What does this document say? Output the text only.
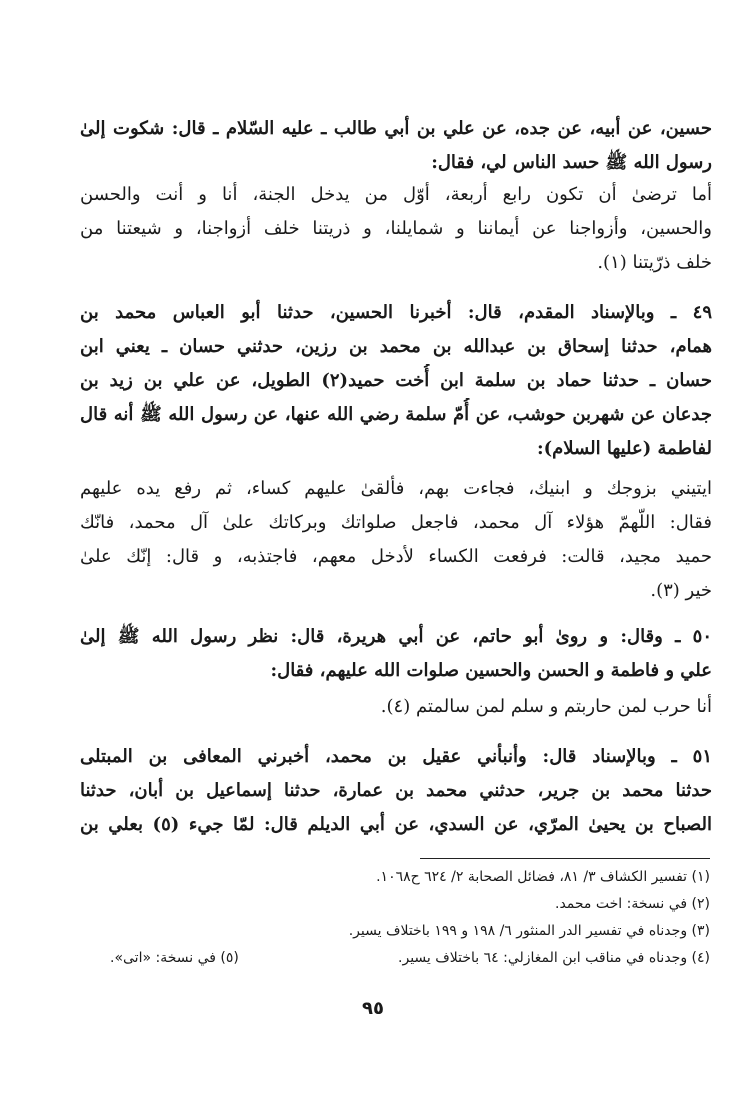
حسين، عن أبيه، عن جده، عن علي بن أبي طالب ـ عليه السّلام ـ قال: شكوت إلىٰ
رسول الله ﷺ حسد الناس لي، فقال:
أما ترضىٰ أن تكون رابع أربعة، أوّل من يدخل الجنة، أنا و أنت والحسن
والحسين، وأزواجنا عن أيماننا و شمايلنا، و ذريتنا خلف أزواجنا، و شيعتنا من
خلف ذرّيتنا (١).
٤٩ ـ وبالإسناد المقدم، قال: أخبرنا الحسين، حدثنا أبو العباس محمد بن
همام، حدثنا إسحاق بن عبدالله بن محمد بن رزين، حدثني حسان ـ يعني ابن
حسان ـ حدثنا حماد بن سلمة ابن أُخت حميد(٢) الطويل، عن علي بن زيد بن
جدعان عن شهربن حوشب، عن أُمّ سلمة رضي الله عنها، عن رسول الله ﷺ أنه قال
لفاطمة (عليها السلام):
ايتيني بزوجك و ابنيك، فجاءت بهم، فألقىٰ عليهم كساء، ثم رفع يده عليهم
فقال: اللّهمّ هؤلاء آل محمد، فاجعل صلواتك وبركاتك علىٰ آل محمد، فانّك
حميد مجيد، قالت: فرفعت الكساء لأدخل معهم، فاجتذبه، و قال: إنّك علىٰ
خير (٣).
٥٠ ـ وقال: و روىٰ أبو حاتم، عن أبي هريرة، قال: نظر رسول الله ﷺ إلىٰ
علي و فاطمة و الحسن والحسين صلوات الله عليهم، فقال:
أنا حرب لمن حاربتم و سلم لمن سالمتم (٤).
٥١ ـ وبالإسناد قال: وأنبأني عقيل بن محمد، أخبرني المعافى بن المبتلى
حدثنا محمد بن جرير، حدثني محمد بن عمارة، حدثنا إسماعيل بن أبان، حدثنا
الصباح بن يحيىٰ المرّي، عن السدي، عن أبي الديلم قال: لمّا جيء (٥) بعلي بن
(١) تفسير الكشاف ٣/ ٨١، فضائل الصحابة ٢/ ٦٢٤ ح١٠٦٨.
(٢) في نسخة: اخت محمد.
(٣) وجدناه في تفسير الدر المنثور ٦/ ١٩٨ و ١٩٩ باختلاف يسير.
(٤) وجدناه في مناقب ابن المغازلي: ٦٤ باختلاف يسير.
(٥) في نسخة: «اتى».
٩٥
